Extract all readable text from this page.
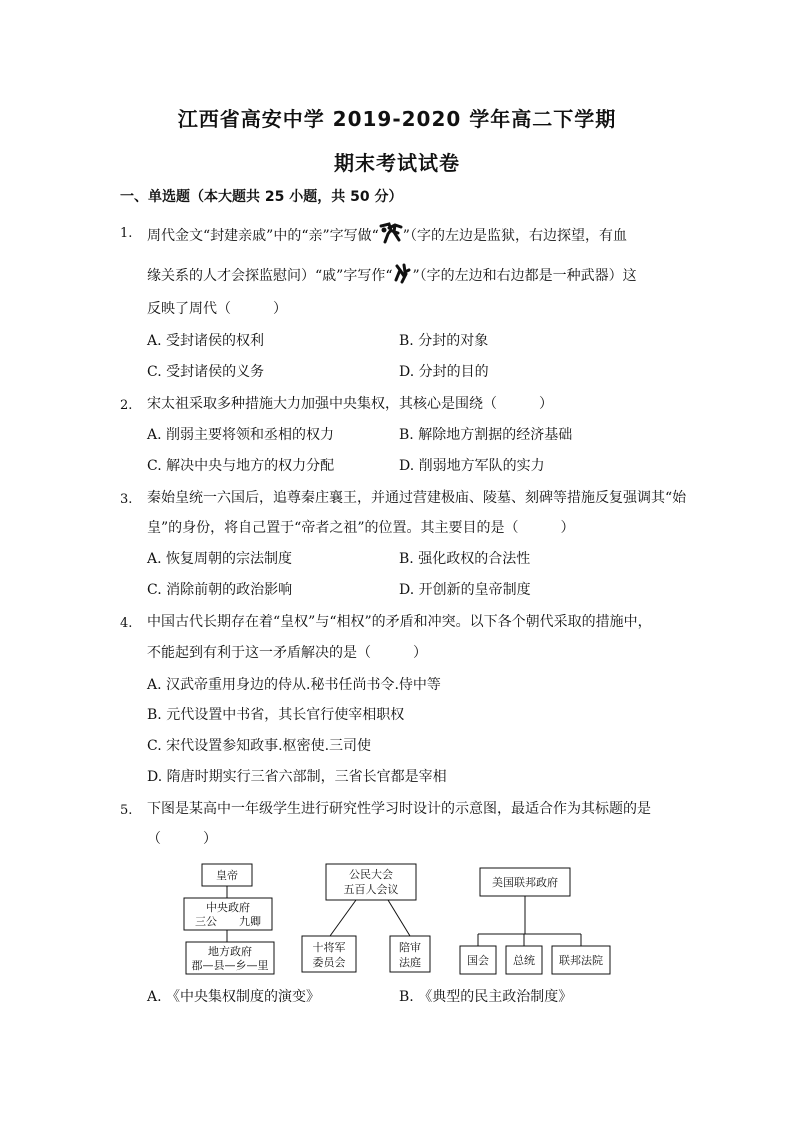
江西省高安中学 2019-2020 学年高二下学期
期末考试试卷
一、单选题（本大题共 25 小题，共 50 分）
1. 周代金文“封建亲戚”中的“亲”字写做“ ”（字的左边是监狱，右边探望，有血
缘关系的人才会探监慰问）“戚”字写作“ ”（字的左边和右边都是一种武器）这
反映了周代（　　　）
A. 受封诸侯的权利	B. 分封的对象
C. 受封诸侯的义务	D. 分封的目的
2. 宋太祖采取多种措施大力加强中央集权，其核心是围绕（　　　）
A. 削弱主要将领和丞相的权力	B. 解除地方割据的经济基础
C. 解决中央与地方的权力分配	D. 削弱地方军队的实力
3. 秦始皇统一六国后，追尊秦庄襄王，并通过营建极庙、陵墓、刻碑等措施反复强调其“始
皇”的身份，将自己置于“帝者之祖”的位置。其主要目的是（　　　）
A. 恢复周朝的宗法制度	B. 强化政权的合法性
C. 消除前朝的政治影响	D. 开创新的皇帝制度
4. 中国古代长期存在着“皇权”与“相权”的矛盾和冲突。以下各个朝代采取的措施中，
不能起到有利于这一矛盾解决的是（　　　）
A. 汉武帝重用身边的侍从.秘书任尚书令.侍中等
B. 元代设置中书省，其长官行使宰相职权
C. 宋代设置参知政事.枢密使.三司使
D. 隋唐时期实行三省六部制，三省长官都是宰相
5. 下图是某高中一年级学生进行研究性学习时设计的示意图，最适合作为其标题的是
（　　　）
皇帝
中央政府
三公　　九卿
地方政府
郡—县—乡—里
公民大会
五百人会议
十将军
委员会
陪审
法庭
美国联邦政府
国会 总统 联邦法院
A. 《中央集权制度的演变》	B. 《典型的民主政治制度》
